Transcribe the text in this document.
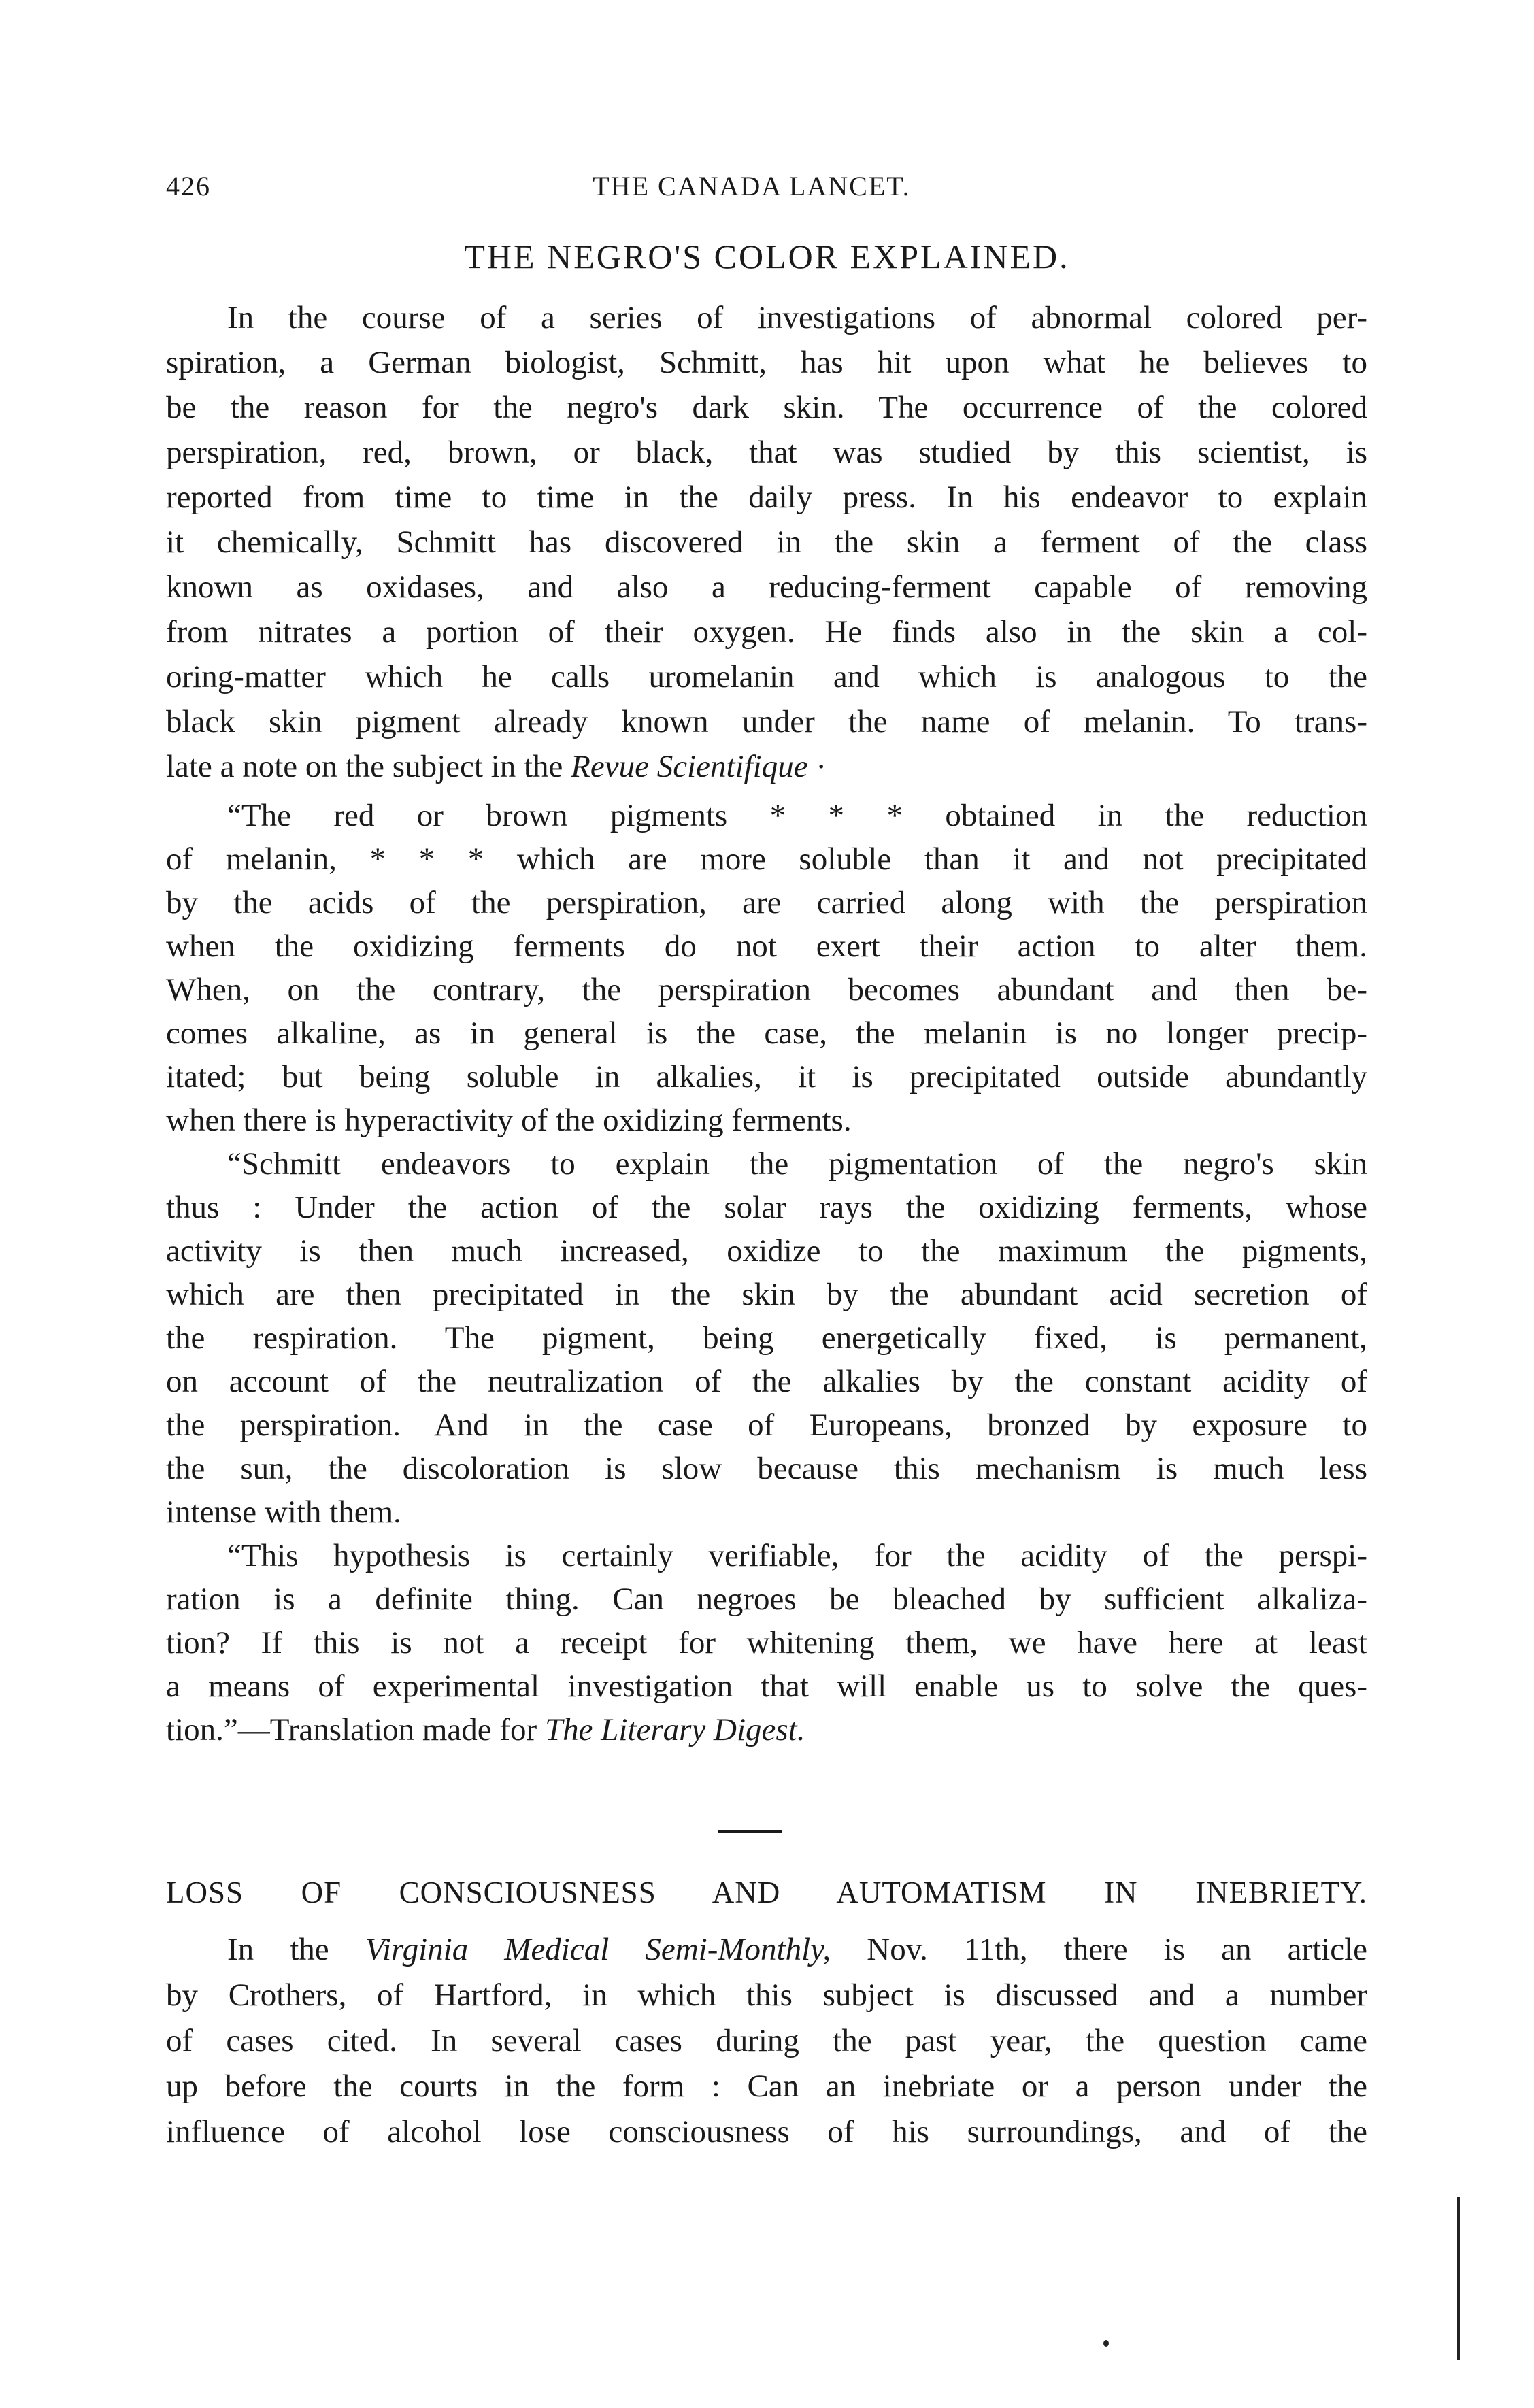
426	THE CANADA LANCET.
THE NEGRO'S COLOR EXPLAINED.
In the course of a series of investigations of abnormal colored per-
spiration, a German biologist, Schmitt, has hit upon what he believes to
be the reason for the negro's dark skin. The occurrence of the colored
perspiration, red, brown, or black, that was studied by this scientist, is
reported from time to time in the daily press. In his endeavor to explain
it chemically, Schmitt has discovered in the skin a ferment of the class
known as oxidases, and also a reducing-ferment capable of removing
from nitrates a portion of their oxygen. He finds also in the skin a col-
oring-matter which he calls uromelanin and which is analogous to the
black skin pigment already known under the name of melanin. To trans-
late a note on the subject in the Revue Scientifique ·
“The red or brown pigments * * * obtained in the reduction
of melanin, * * * which are more soluble than it and not precipitated
by the acids of the perspiration, are carried along with the perspiration
when the oxidizing ferments do not exert their action to alter them.
When, on the contrary, the perspiration becomes abundant and then be-
comes alkaline, as in general is the case, the melanin is no longer precip-
itated; but being soluble in alkalies, it is precipitated outside abundantly
when there is hyperactivity of the oxidizing ferments.
“Schmitt endeavors to explain the pigmentation of the negro's skin
thus : Under the action of the solar rays the oxidizing ferments, whose
activity is then much increased, oxidize to the maximum the pigments,
which are then precipitated in the skin by the abundant acid secretion of
the respiration. The pigment, being energetically fixed, is permanent,
on account of the neutralization of the alkalies by the constant acidity of
the perspiration. And in the case of Europeans, bronzed by exposure to
the sun, the discoloration is slow because this mechanism is much less
intense with them.
“This hypothesis is certainly verifiable, for the acidity of the perspi-
ration is a definite thing. Can negroes be bleached by sufficient alkaliza-
tion? If this is not a receipt for whitening them, we have here at least
a means of experimental investigation that will enable us to solve the ques-
tion.”—Translation made for The Literary Digest.
LOSS OF CONSCIOUSNESS AND AUTOMATISM IN INEBRIETY.
In the Virginia Medical Semi-Monthly, Nov. 11th, there is an article
by Crothers, of Hartford, in which this subject is discussed and a number
of cases cited. In several cases during the past year, the question came
up before the courts in the form : Can an inebriate or a person under the
influence of alcohol lose consciousness of his surroundings, and of the
